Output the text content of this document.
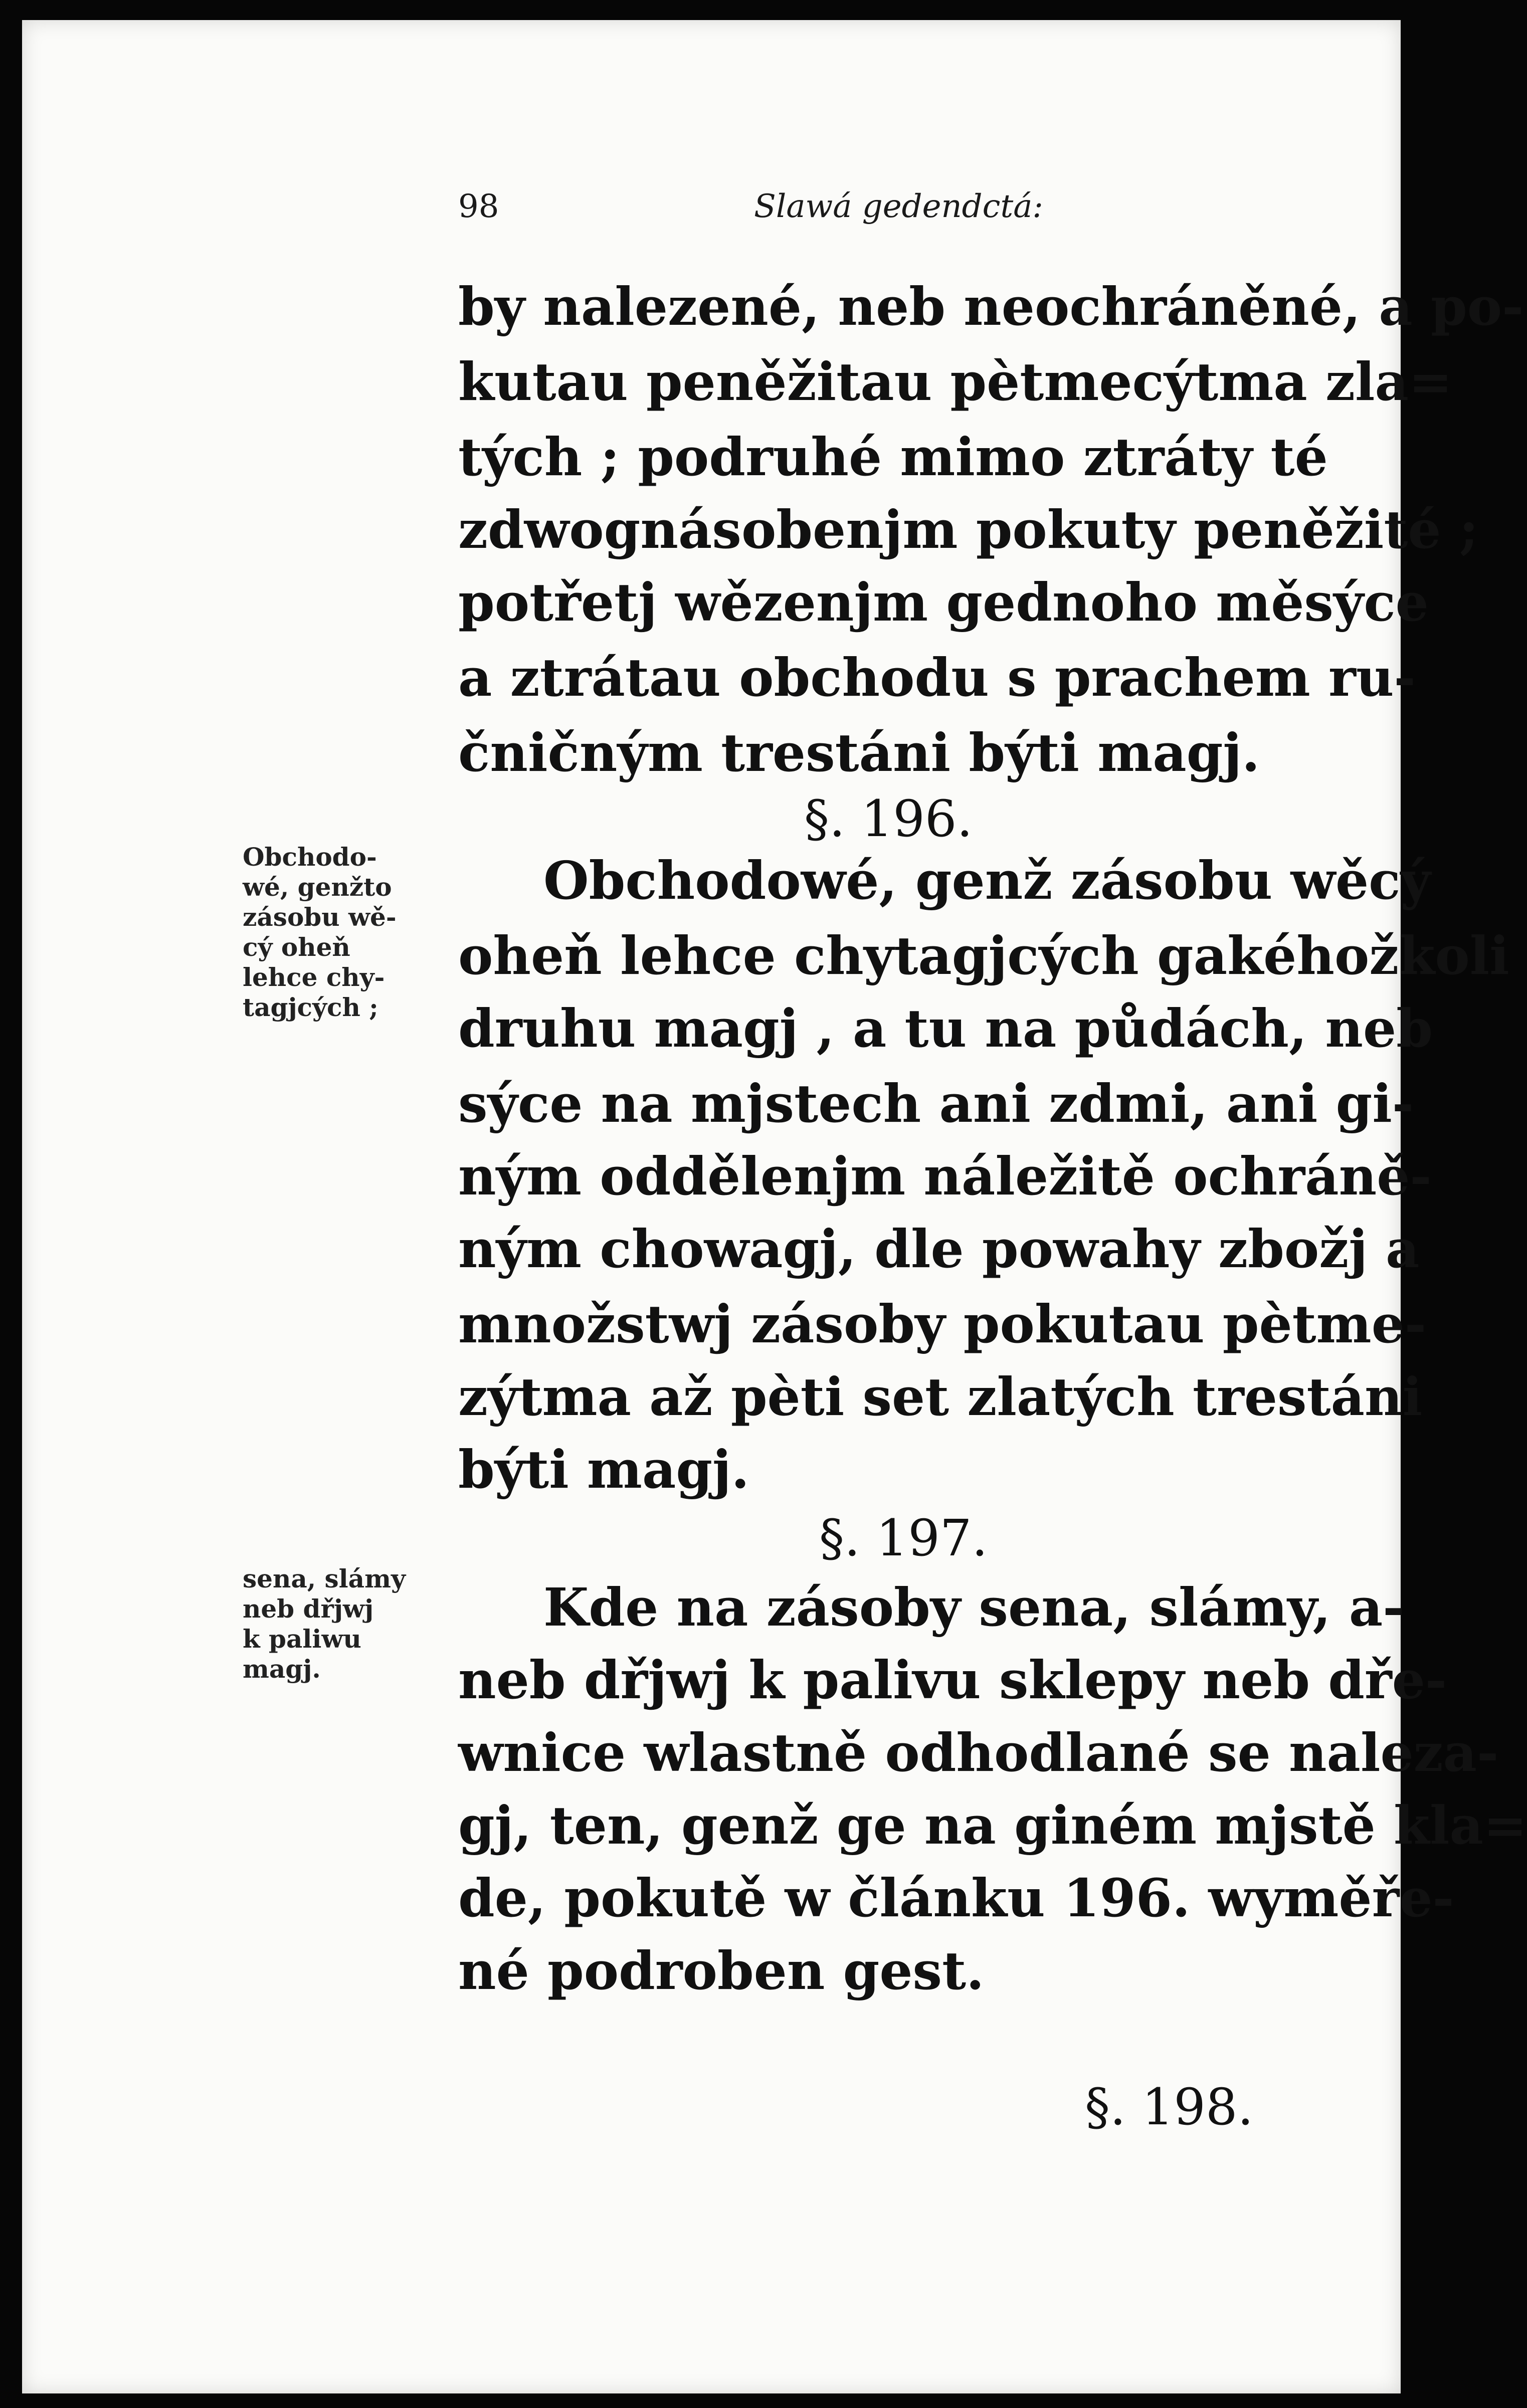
98	Slawá gedendctá:
by nalezené, neb neochráněné, a po-
kutau peněžitau pètmecýtma zla=
tých ; podruhé mimo ztráty té
zdwognásobenjm pokuty peněžité ;
potřetj wězenjm gednoho měsýce
a ztrátau obchodu s prachem ru-
čničným trestáni býti magj.
§. 196.
Obchodowé, genž zásobu wěcý
oheň lehce chytagjcých gakéhožkoli
druhu magj , a tu na půdách, neb
sýce na mjstech ani zdmi, ani gi-
ným oddělenjm náležitě ochráně-
ným chowagj, dle powahy zbožj a
množstwj zásoby pokutau pètme-
zýtma až pèti set zlatých trestáni
býti magj.
§. 197.
Kde na zásoby sena, slámy, a-
neb dřjwj k palivu sklepy neb dře-
wnice wlastně odhodlané se naleza-
gj, ten, genž ge na giném mjstě kla=
de, pokutě w článku 196. wyměře-
né podroben gest.
§. 198.
Obchodo-
wé, genžto
zásobu wě-
cý oheň
lehce chy-
tagjcých ;
sena, slámy
neb dřjwj
k paliwu
magj.
